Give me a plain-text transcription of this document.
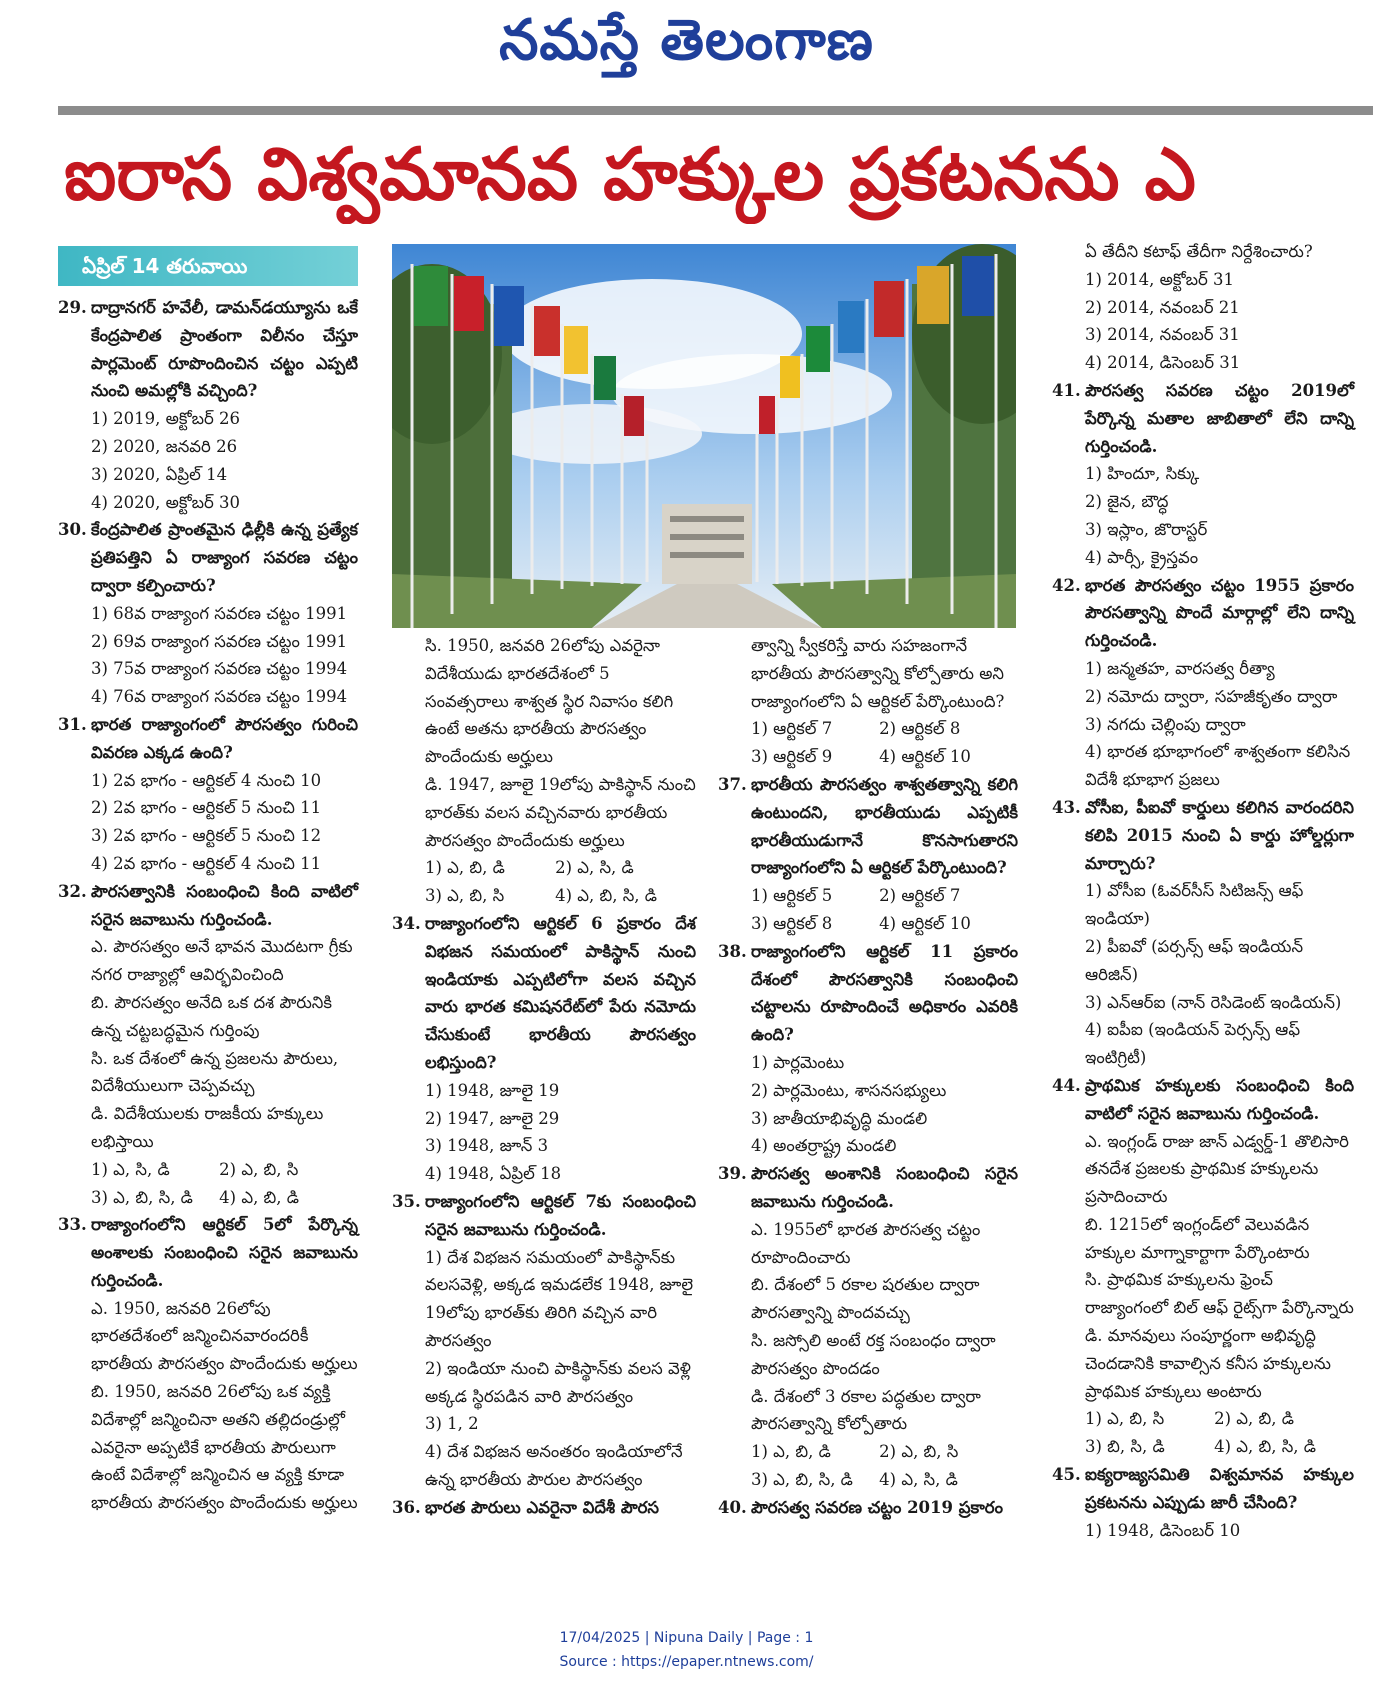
నమస్తే తెలంగాణ
ఐరాస విశ్వమానవ హక్కుల ప్రకటనను ఎ
ఏప్రిల్ 14 తరువాయి
29. దాద్రానగర్ హవేలీ, డామన్‌డయ్యూను ఒకే కేంద్రపాలిత ప్రాంతంగా విలీనం చేస్తూ పార్లమెంట్ రూపొందించిన చట్టం ఎప్పటి నుంచి అమల్లోకి వచ్చింది?
1) 2019, అక్టోబర్ 26
2) 2020, జనవరి 26
3) 2020, ఏప్రిల్ 14
4) 2020, అక్టోబర్ 30
30. కేంద్రపాలిత ప్రాంతమైన ఢిల్లీకి ఉన్న ప్రత్యేక ప్రతిపత్తిని ఏ రాజ్యాంగ సవరణ చట్టం ద్వారా కల్పించారు?
1) 68వ రాజ్యాంగ సవరణ చట్టం 1991
2) 69వ రాజ్యాంగ సవరణ చట్టం 1991
3) 75వ రాజ్యాంగ సవరణ చట్టం 1994
4) 76వ రాజ్యాంగ సవరణ చట్టం 1994
31. భారత రాజ్యాంగంలో పౌరసత్వం గురించి వివరణ ఎక్కడ ఉంది?
1) 2వ భాగం - ఆర్టికల్ 4 నుంచి 10
2) 2వ భాగం - ఆర్టికల్ 5 నుంచి 11
3) 2వ భాగం - ఆర్టికల్ 5 నుంచి 12
4) 2వ భాగం - ఆర్టికల్ 4 నుంచి 11
32. పౌరసత్వానికి సంబంధించి కింది వాటిలో సరైన జవాబును గుర్తించండి.
ఎ. పౌరసత్వం అనే భావన మొదటగా గ్రీకు నగర రాజ్యాల్లో ఆవిర్భవించింది
బి. పౌరసత్వం అనేది ఒక దశ పౌరునికి ఉన్న చట్టబద్ధమైన గుర్తింపు
సి. ఒక దేశంలో ఉన్న ప్రజలను పౌరులు, విదేశీయులుగా చెప్పవచ్చు
డి. విదేశీయులకు రాజకీయ హక్కులు లభిస్తాయి
1) ఎ, సి, డి	2) ఎ, బి, సి
3) ఎ, బి, సి, డి	4) ఎ, బి, డి
33. రాజ్యాంగంలోని ఆర్టికల్ 5లో పేర్కొన్న అంశాలకు సంబంధించి సరైన జవాబును గుర్తించండి.
ఎ. 1950, జనవరి 26లోపు భారతదేశంలో జన్మించినవారందరికీ భారతీయ పౌరసత్వం పొందేందుకు అర్హులు
బి. 1950, జనవరి 26లోపు ఒక వ్యక్తి విదేశాల్లో జన్మించినా అతని తల్లిదండ్రుల్లో ఎవరైనా అప్పటికే భారతీయ పౌరులుగా ఉంటే విదేశాల్లో జన్మించిన ఆ వ్యక్తి కూడా భారతీయ పౌరసత్వం పొందేందుకు అర్హులు
సి. 1950, జనవరి 26లోపు ఎవరైనా విదేశీయుడు భారతదేశంలో 5 సంవత్సరాలు శాశ్వత స్థిర నివాసం కలిగి ఉంటే అతను భారతీయ పౌరసత్వం పొందేందుకు అర్హులు
డి. 1947, జూలై 19లోపు పాకిస్థాన్ నుంచి భారత్‌కు వలస వచ్చినవారు భారతీయ పౌరసత్వం పొందేందుకు అర్హులు
1) ఎ, బి, డి	2) ఎ, సి, డి
3) ఎ, బి, సి	4) ఎ, బి, సి, డి
34. రాజ్యాంగంలోని ఆర్టికల్ 6 ప్రకారం దేశ విభజన సమయంలో పాకిస్థాన్ నుంచి ఇండియాకు ఎప్పటిలోగా వలస వచ్చిన వారు భారత కమిషనరేట్‌లో పేరు నమోదు చేసుకుంటే భారతీయ పౌరసత్వం లభిస్తుంది?
1) 1948, జూలై 19
2) 1947, జూలై 29
3) 1948, జూన్ 3
4) 1948, ఏప్రిల్ 18
35. రాజ్యాంగంలోని ఆర్టికల్ 7కు సంబంధించి సరైన జవాబును గుర్తించండి.
1) దేశ విభజన సమయంలో పాకిస్థాన్‌కు వలసవెళ్లి, అక్కడ ఇమడలేక 1948, జూలై 19లోపు భారత్‌కు తిరిగి వచ్చిన వారి పౌరసత్వం
2) ఇండియా నుంచి పాకిస్థాన్‌కు వలస వెళ్లి అక్కడ స్థిరపడిన వారి పౌరసత్వం
3) 1, 2
4) దేశ విభజన అనంతరం ఇండియాలోనే ఉన్న భారతీయ పౌరుల పౌరసత్వం
36. భారత పౌరులు ఎవరైనా విదేశీ పౌరస
త్వాన్ని స్వీకరిస్తే వారు సహజంగానే భారతీయ పౌరసత్వాన్ని కోల్పోతారు అని రాజ్యాంగంలోని ఏ ఆర్టికల్ పేర్కొంటుంది?
1) ఆర్టికల్ 7	2) ఆర్టికల్ 8
3) ఆర్టికల్ 9	4) ఆర్టికల్ 10
37. భారతీయ పౌరసత్వం శాశ్వతత్వాన్ని కలిగి ఉంటుందని, భారతీయుడు ఎప్పటికీ భారతీయుడుగానే కొనసాగుతారని రాజ్యాంగంలోని ఏ ఆర్టికల్ పేర్కొంటుంది?
1) ఆర్టికల్ 5	2) ఆర్టికల్ 7
3) ఆర్టికల్ 8	4) ఆర్టికల్ 10
38. రాజ్యాంగంలోని ఆర్టికల్ 11 ప్రకారం దేశంలో పౌరసత్వానికి సంబంధించి చట్టాలను రూపొందించే అధికారం ఎవరికి ఉంది?
1) పార్లమెంటు
2) పార్లమెంటు, శాసనసభ్యులు
3) జాతీయాభివృద్ధి మండలి
4) అంతర్రాష్ట్ర మండలి
39. పౌరసత్వ అంశానికి సంబంధించి సరైన జవాబును గుర్తించండి.
ఎ. 1955లో భారత పౌరసత్వ చట్టం రూపొందించారు
బి. దేశంలో 5 రకాల షరతుల ద్వారా పౌరసత్వాన్ని పొందవచ్చు
సి. జస్సోలి అంటే రక్త సంబంధం ద్వారా పౌరసత్వం పొందడం
డి. దేశంలో 3 రకాల పద్ధతుల ద్వారా పౌరసత్వాన్ని కోల్పోతారు
1) ఎ, బి, డి	2) ఎ, బి, సి
3) ఎ, బి, సి, డి	4) ఎ, సి, డి
40. పౌరసత్వ సవరణ చట్టం 2019 ప్రకారం
ఏ తేదీని కటాఫ్ తేదీగా నిర్దేశించారు?
1) 2014, అక్టోబర్ 31
2) 2014, నవంబర్ 21
3) 2014, నవంబర్ 31
4) 2014, డిసెంబర్ 31
41. పౌరసత్వ సవరణ చట్టం 2019లో పేర్కొన్న మతాల జాబితాలో లేని దాన్ని గుర్తించండి.
1) హిందూ, సిక్కు
2) జైన, బౌద్ధ
3) ఇస్లాం, జొరాస్టర్
4) పార్సీ, క్రైస్తవం
42. భారత పౌరసత్వం చట్టం 1955 ప్రకారం పౌరసత్వాన్ని పొందే మార్గాల్లో లేని దాన్ని గుర్తించండి.
1) జన్మతహ, వారసత్వ రీత్యా
2) నమోదు ద్వారా, సహజీకృతం ద్వారా
3) నగదు చెల్లింపు ద్వారా
4) భారత భూభాగంలో శాశ్వతంగా కలిసిన విదేశీ భూభాగ ప్రజలు
43. వోసీఐ, పీఐవో కార్డులు కలిగిన వారందరిని కలిపి 2015 నుంచి ఏ కార్డు హోల్డర్లుగా మార్చారు?
1) వోసీఐ (ఓవర్‌సీస్ సిటిజన్స్ ఆఫ్ ఇండియా)
2) పీఐవో (పర్సన్స్ ఆఫ్ ఇండియన్ ఆరిజిన్)
3) ఎన్ఆర్ఐ (నాన్ రెసిడెంట్ ఇండియన్)
4) ఐపీఐ (ఇండియన్ పెర్సన్స్ ఆఫ్ ఇంటిగ్రిటీ)
44. ప్రాథమిక హక్కులకు సంబంధించి కింది వాటిలో సరైన జవాబును గుర్తించండి.
ఎ. ఇంగ్లండ్ రాజు జాన్ ఎడ్వర్డ్-1 తొలిసారి తనదేశ ప్రజలకు ప్రాథమిక హక్కులను ప్రసాదించారు
బి. 1215లో ఇంగ్లండ్‌లో వెలువడిన హక్కుల మాగ్నాకార్టాగా పేర్కొంటారు
సి. ప్రాథమిక హక్కులను ఫ్రెంచ్ రాజ్యాంగంలో బిల్ ఆఫ్ రైట్స్‌గా పేర్కొన్నారు
డి. మానవులు సంపూర్ణంగా అభివృద్ధి చెందడానికి కావాల్సిన కనీస హక్కులను ప్రాథమిక హక్కులు అంటారు
1) ఎ, బి, సి	2) ఎ, బి, డి
3) బి, సి, డి	4) ఎ, బి, సి, డి
45. ఐక్యరాజ్యసమితి విశ్వమానవ హక్కుల ప్రకటనను ఎప్పుడు జారీ చేసింది?
1) 1948, డిసెంబర్ 10
17/04/2025 | Nipuna Daily | Page : 1
Source : https://epaper.ntnews.com/
